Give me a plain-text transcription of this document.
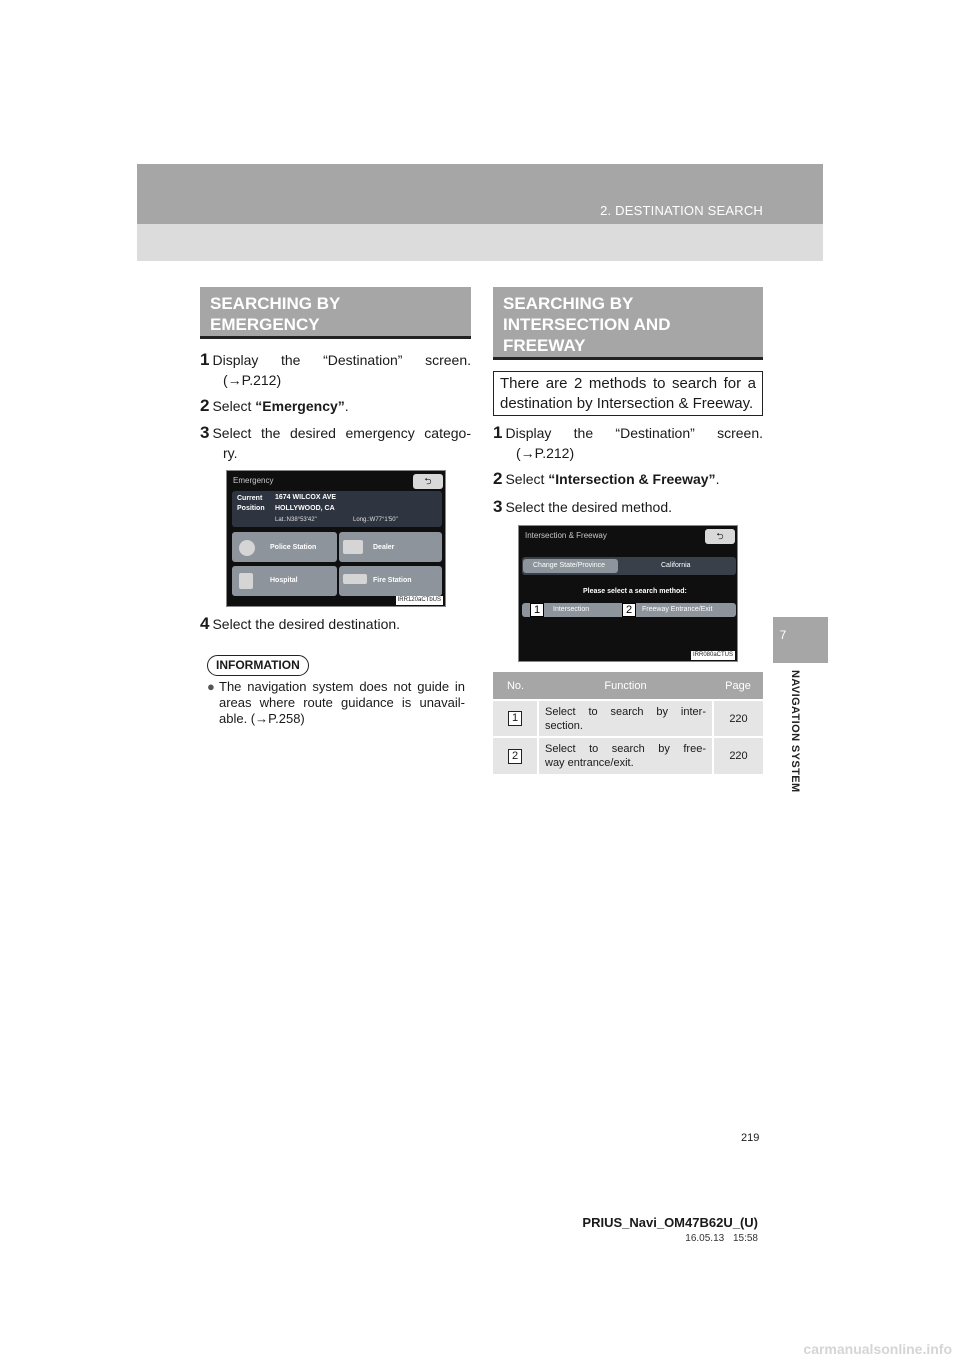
2. DESTINATION SEARCH
7
NAVIGATION SYSTEM
SEARCHING BY
EMERGENCY
1 Display the “Destination” screen.
(→P.212)
2 Select “Emergency”.
3 Select the desired emergency catego-
ry.
Emergency	⮌
Current
Position
1674 WILCOX AVE
HOLLYWOOD, CA
Lat.:N38°53'42"	Long.:W77°1'50"
Police Station	Dealer
Hospital	Fire Station
IRR120aCTbUS
4 Select the desired destination.
INFORMATION
● The navigation system does not guide in
areas where route guidance is unavail-
able. (→P.258)
SEARCHING BY
INTERSECTION AND
FREEWAY
There are 2 methods to search for a
destination by Intersection & Freeway.
1 Display the “Destination” screen.
(→P.212)
2 Select “Intersection & Freeway”.
3 Select the desired method.
Intersection & Freeway	⮌
Change State/Province	California
Please select a search method:
Intersection	Freeway Entrance/Exit
1	2
IRR080aCTUS
No.	Function	Page
1	Select to search by inter-
section.	220
2	Select to search by free-
way entrance/exit.	220
219
PRIUS_Navi_OM47B62U_(U)
16.05.13 15:58
carmanualsonline.info
